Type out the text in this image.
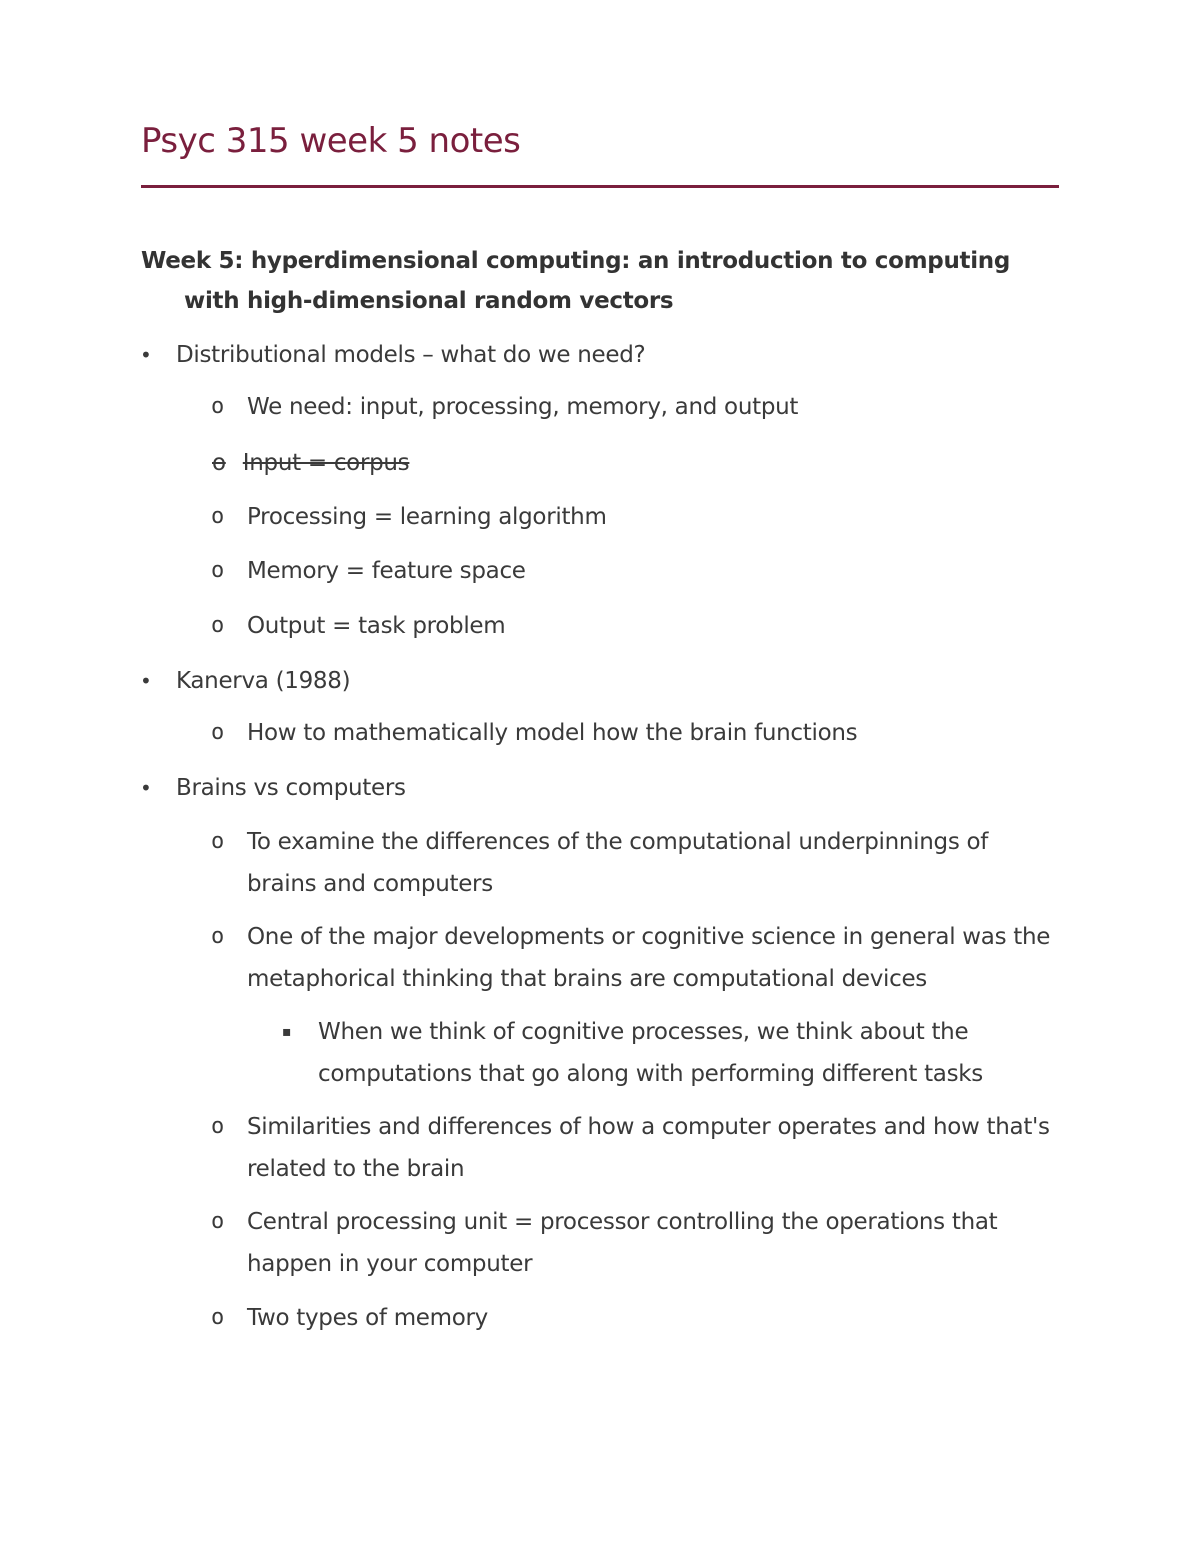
Psyc 315 week 5 notes
Week 5: hyperdimensional computing: an introduction to computing with high-dimensional random vectors
• Distributional models – what do we need?
o We need: input, processing, memory, and output
o Input = corpus
o Processing = learning algorithm
o Memory = feature space
o Output = task problem
• Kanerva (1988)
o How to mathematically model how the brain functions
• Brains vs computers
o To examine the differences of the computational underpinnings of brains and computers
o One of the major developments or cognitive science in general was the metaphorical thinking that brains are computational devices
▪ When we think of cognitive processes, we think about the computations that go along with performing different tasks
o Similarities and differences of how a computer operates and how that's related to the brain
o Central processing unit = processor controlling the operations that happen in your computer
o Two types of memory
